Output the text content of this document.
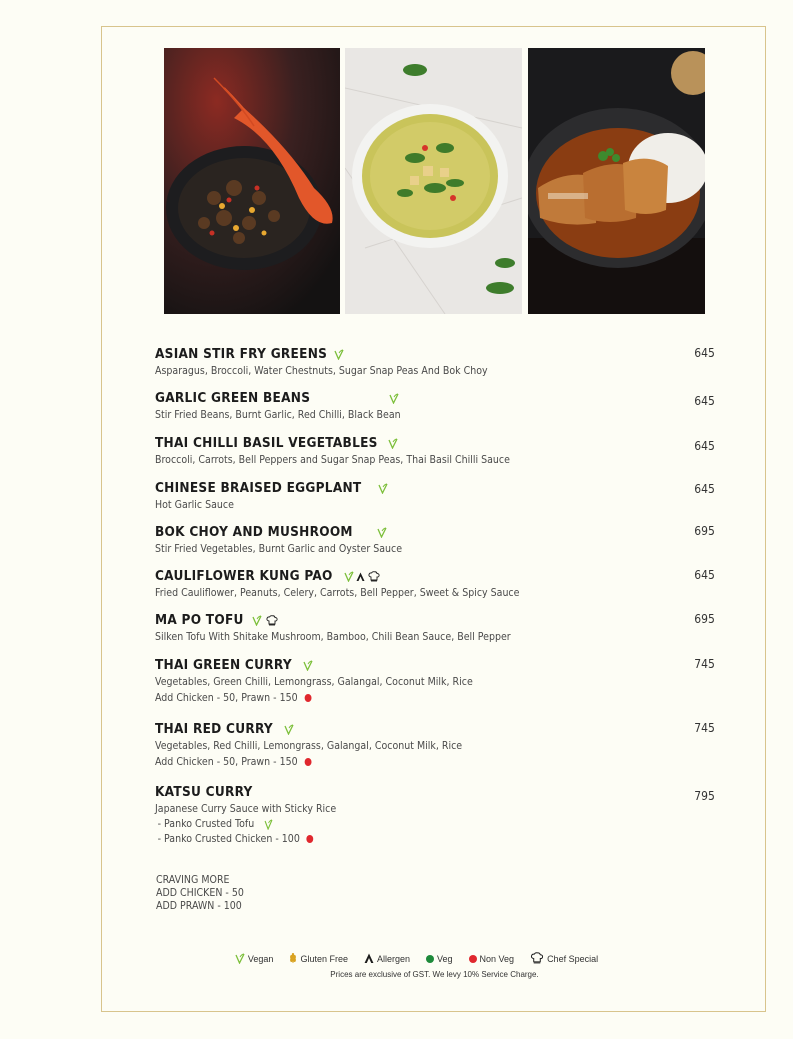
ASIAN STIR FRY GREENS
Asparagus, Broccoli, Water Chestnuts, Sugar Snap Peas And Bok Choy
645
GARLIC GREEN BEANS
Stir Fried Beans, Burnt Garlic, Red Chilli, Black Bean
645
THAI CHILLI BASIL VEGETABLES
Broccoli, Carrots, Bell Peppers and Sugar Snap Peas, Thai Basil Chilli Sauce
645
CHINESE BRAISED EGGPLANT
Hot Garlic Sauce
645
BOK CHOY AND MUSHROOM
Stir Fried Vegetables, Burnt Garlic and Oyster Sauce
695
CAULIFLOWER KUNG PAO
Fried Cauliflower, Peanuts, Celery, Carrots, Bell Pepper, Sweet & Spicy Sauce
645
MA PO TOFU
Silken Tofu With Shitake Mushroom, Bamboo, Chili Bean Sauce, Bell Pepper
695
THAI GREEN CURRY
Vegetables, Green Chilli, Lemongrass, Galangal, Coconut Milk, Rice
Add Chicken - 50, Prawn - 150
745
THAI RED CURRY
Vegetables, Red Chilli, Lemongrass, Galangal, Coconut Milk, Rice
Add Chicken - 50, Prawn - 150
745
KATSU CURRY
Japanese Curry Sauce with Sticky Rice
- Panko Crusted Tofu
- Panko Crusted Chicken - 100
795
CRAVING MORE
ADD CHICKEN - 50
ADD PRAWN - 100
Vegan	Gluten Free	Allergen	Veg	Non Veg	Chef Special
Prices are exclusive of GST. We levy 10% Service Charge.
